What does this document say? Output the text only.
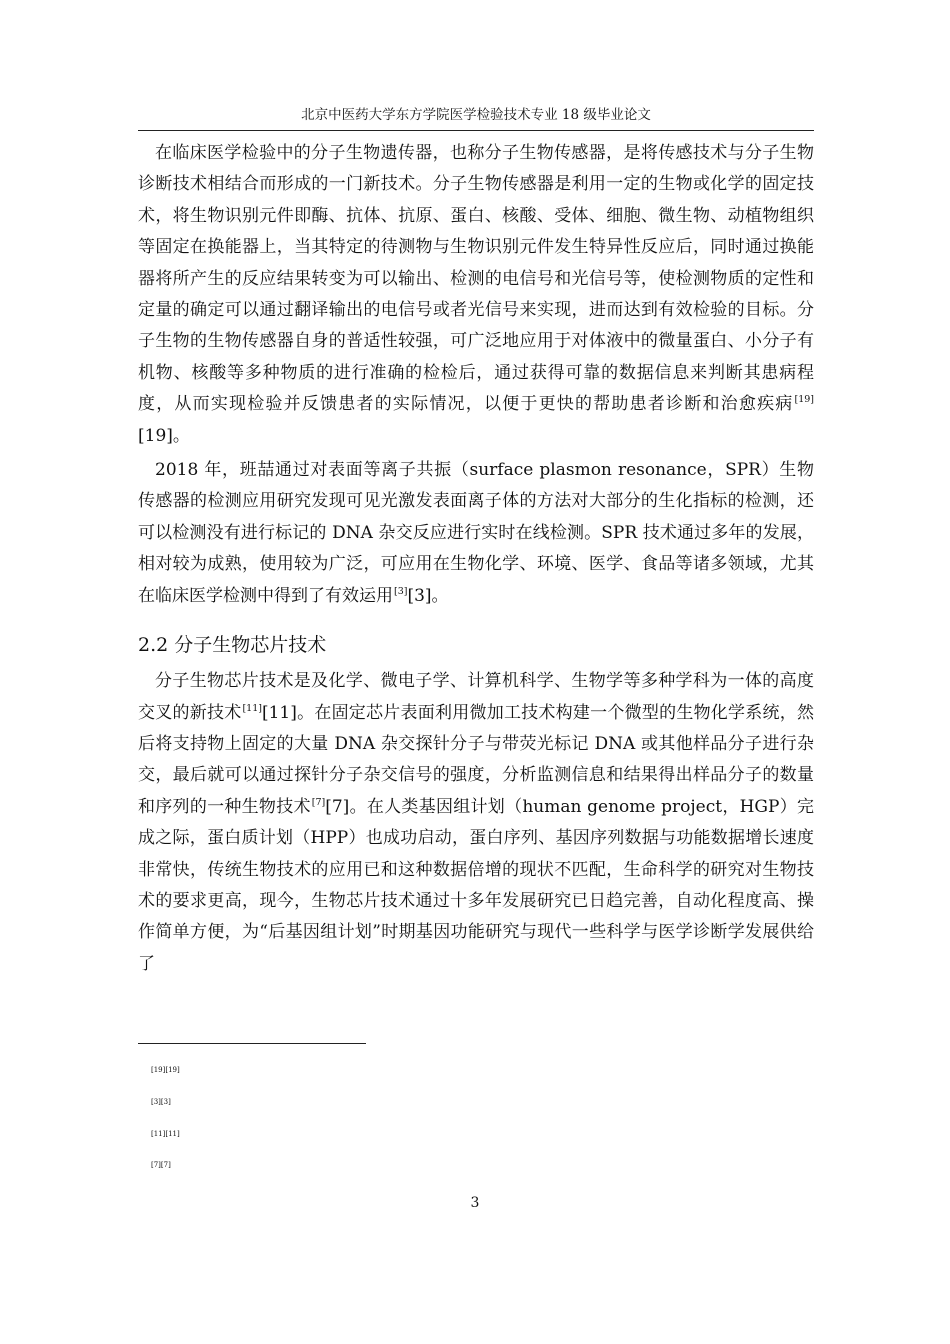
北京中医药大学东方学院医学检验技术专业 18 级毕业论文

在临床医学检验中的分子生物遗传器，也称分子生物传感器，是将传感技术与分子生物诊断技术相结合而形成的一门新技术。分子生物传感器是利用一定的生物或化学的固定技术，将生物识别元件即酶、抗体、抗原、蛋白、核酸、受体、细胞、微生物、动植物组织等固定在换能器上，当其特定的待测物与生物识别元件发生特异性反应后，同时通过换能器将所产生的反应结果转变为可以输出、检测的电信号和光信号等，使检测物质的定性和定量的确定可以通过翻译输出的电信号或者光信号来实现，进而达到有效检验的目标。分子生物的生物传感器自身的普适性较强，可广泛地应用于对体液中的微量蛋白、小分子有机物、核酸等多种物质的进行准确的检检后，通过获得可靠的数据信息来判断其患病程度，从而实现检验并反馈患者的实际情况，以便于更快的帮助患者诊断和治愈疾病[19][19]。

2018 年，班喆通过对表面等离子共振（surface plasmon resonance，SPR）生物传感器的检测应用研究发现可见光激发表面离子体的方法对大部分的生化指标的检测，还可以检测没有进行标记的 DNA 杂交反应进行实时在线检测。SPR 技术通过多年的发展，相对较为成熟，使用较为广泛，可应用在生物化学、环境、医学、食品等诸多领域，尤其在临床医学检测中得到了有效运用[3][3]。

2.2 分子生物芯片技术

分子生物芯片技术是及化学、微电子学、计算机科学、生物学等多种学科为一体的高度交叉的新技术[11][11]。在固定芯片表面利用微加工技术构建一个微型的生物化学系统，然后将支持物上固定的大量 DNA 杂交探针分子与带荧光标记 DNA 或其他样品分子进行杂交，最后就可以通过探针分子杂交信号的强度，分析监测信息和结果得出样品分子的数量和序列的一种生物技术[7][7]。在人类基因组计划（human genome project，HGP）完成之际，蛋白质计划（HPP）也成功启动，蛋白序列、基因序列数据与功能数据增长速度非常快，传统生物技术的应用已和这种数据倍增的现状不匹配，生命科学的研究对生物技术的要求更高，现今，生物芯片技术通过十多年发展研究已日趋完善，自动化程度高、操作简单方便，为“后基因组计划”时期基因功能研究与现代一些科学与医学诊断学发展供给了

[19][19]
[3][3]
[11][11]
[7][7]
3
